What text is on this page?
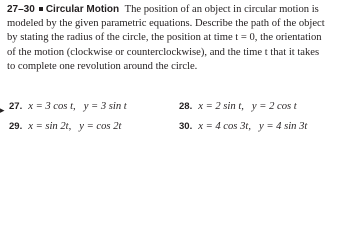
27–30 Circular Motion The position of an object in circular motion is modeled by the given parametric equations. Describe the path of the object by stating the radius of the circle, the position at time t = 0, the orientation of the motion (clockwise or counterclockwise), and the time t that it takes to complete one revolution around the circle.
▸ 27. x = 3 cos t, y = 3 sin t	28. x = 2 sin t, y = 2 cos t
29. x = sin 2t, y = cos 2t	30. x = 4 cos 3t, y = 4 sin 3t
